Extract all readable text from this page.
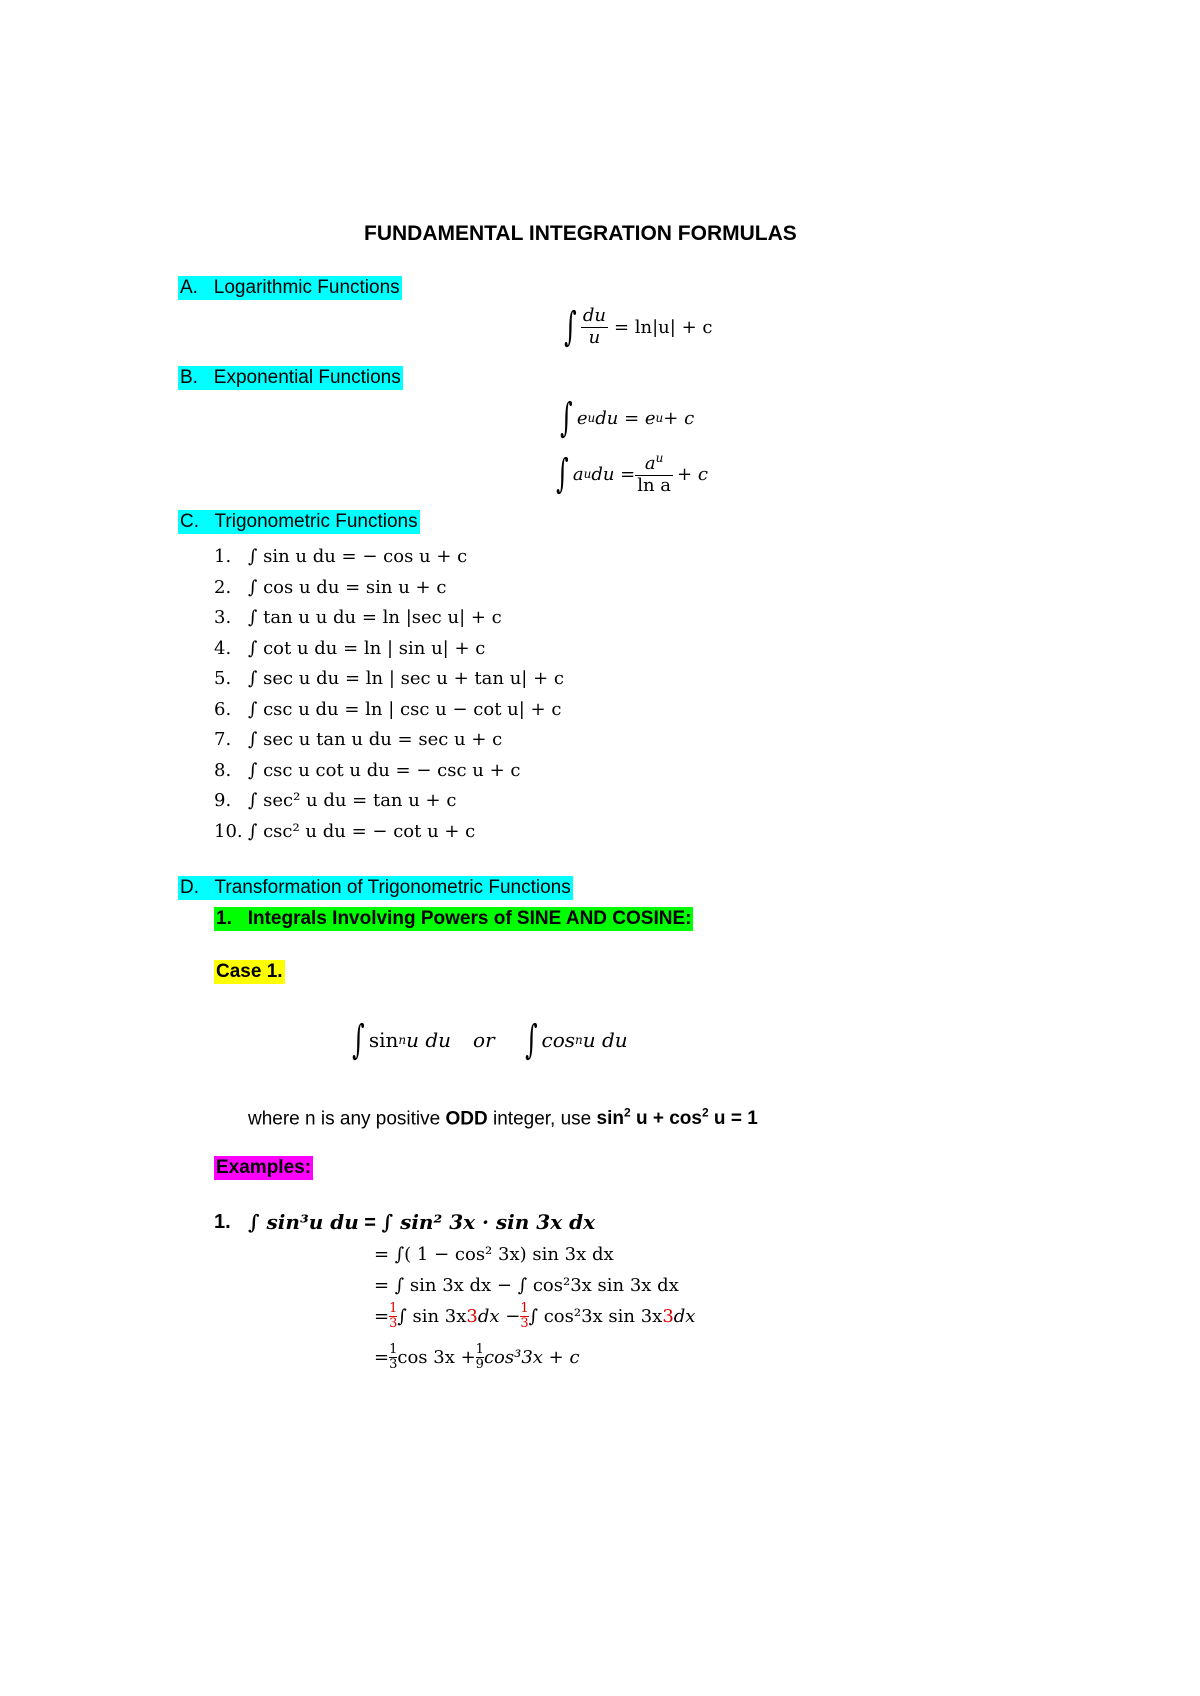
FUNDAMENTAL INTEGRATION FORMULAS
A. Logarithmic Functions
∫ $\frac{du}{u} = \ln|u| + c$
B. Exponential Functions
∫ e u du = e u + c
∫ a u du = $\frac{a^u}{\text{ln a}} + c$
C. Trigonometric Functions
1. ∫ sin u du = − cos u + c
2. ∫ cos u du = sin u + c
3. ∫ tan u u du = ln |sec u| + c
4. ∫ cot u du = ln | sin u| + c
5. ∫ sec u du = ln | sec u + tan u| + c
6. ∫ csc u du = ln | csc u − cot u| + c
7. ∫ sec u tan u du = sec u + c
8. ∫ csc u cot u du = − csc u + c
9. ∫ sec² u du = tan u + c
10. ∫ csc² u du = − cot u + c
D. Transformation of Trigonometric Functions
1. Integrals Involving Powers of SINE AND COSINE:
Case 1.
∫ sin n u du or ∫ cos n u du
where n is any positive ODD integer, use $\sin^2 u + \cos^2 u = 1$
Examples:
1. ∫ sin³u du = ∫ sin² 3x · sin 3x dx
= ∫( 1 − cos² 3x) sin 3x dx
= ∫ sin 3x dx − ∫ cos²3x sin 3x dx
= $\frac{1}{3}$ ∫ sin 3x 3 dx − $\frac{1}{3}$ ∫ cos²3x sin 3x 3 dx
= $\frac{1}{3}$ $\cos 3x + \frac{1}{9} \cos^33x + c$
